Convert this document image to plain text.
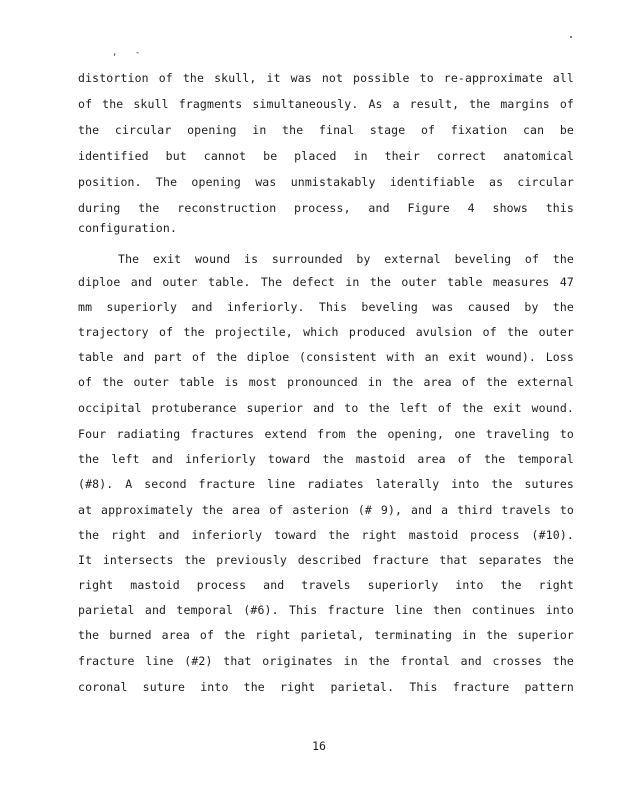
, -
distortion of the skull, it was not possible to re-approximate all
of the skull fragments simultaneously. As a result, the margins of
the circular opening in the final stage of fixation can be
identified but cannot be placed in their correct anatomical
position. The opening was unmistakably identifiable as circular
during the reconstruction process, and Figure 4 shows this
configuration.
The exit wound is surrounded by external beveling of the
diploe and outer table. The defect in the outer table measures 47
mm superiorly and inferiorly. This beveling was caused by the
trajectory of the projectile, which produced avulsion of the outer
table and part of the diploe (consistent with an exit wound). Loss
of the outer table is most pronounced in the area of the external
occipital protuberance superior and to the left of the exit wound.
Four radiating fractures extend from the opening, one traveling to
the left and inferiorly toward the mastoid area of the temporal
(#8). A second fracture line radiates laterally into the sutures
at approximately the area of asterion (# 9), and a third travels to
the right and inferiorly toward the right mastoid process (#10).
It intersects the previously described fracture that separates the
right mastoid process and travels superiorly into the right
parietal and temporal (#6). This fracture line then continues into
the burned area of the right parietal, terminating in the superior
fracture line (#2) that originates in the frontal and crosses the
coronal suture into the right parietal. This fracture pattern
16
